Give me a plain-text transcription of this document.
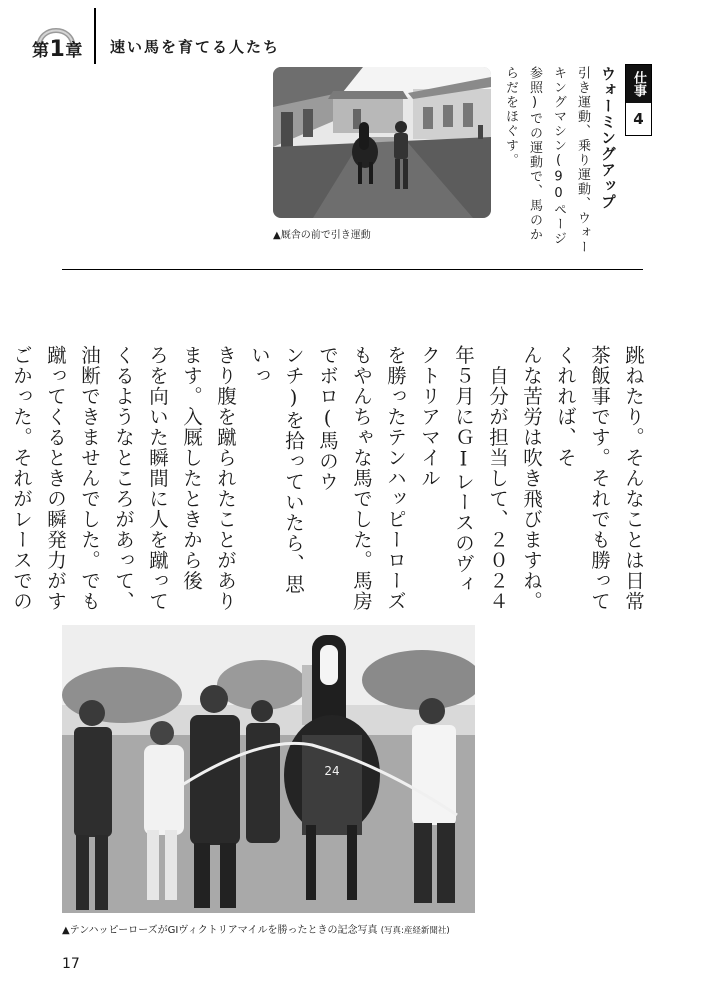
第1章 速い馬を育てる人たち
仕事
4
ウォーミングアップ
引き運動、乗り運動、ウォーキングマシン(90ページ参照)での運動で、馬のからだをほぐす。
▲厩舎の前で引き運動
跳ねたり。そんなことは日常茶飯事です。それでも勝ってくれれば、そ
んな苦労は吹き飛びますね。
　自分が担当して、２０２４年５月にＧⅠレースのヴィクトリアマイル
を勝ったテンハッピーローズもやんちゃな馬でした。馬房でボロ(馬のウ
ンチ)を拾っていたら、思いっ
きり腹を蹴られたことがあり
ます。入厩したときから後
ろを向いた瞬間に人を蹴って
くるようなところがあって、
油断できませんでした。でも
蹴ってくるときの瞬発力がす
ごかった。それがレースでの
24
▲テンハッピーローズがGⅠヴィクトリアマイルを勝ったときの記念写真 (写真:産経新聞社)
17
